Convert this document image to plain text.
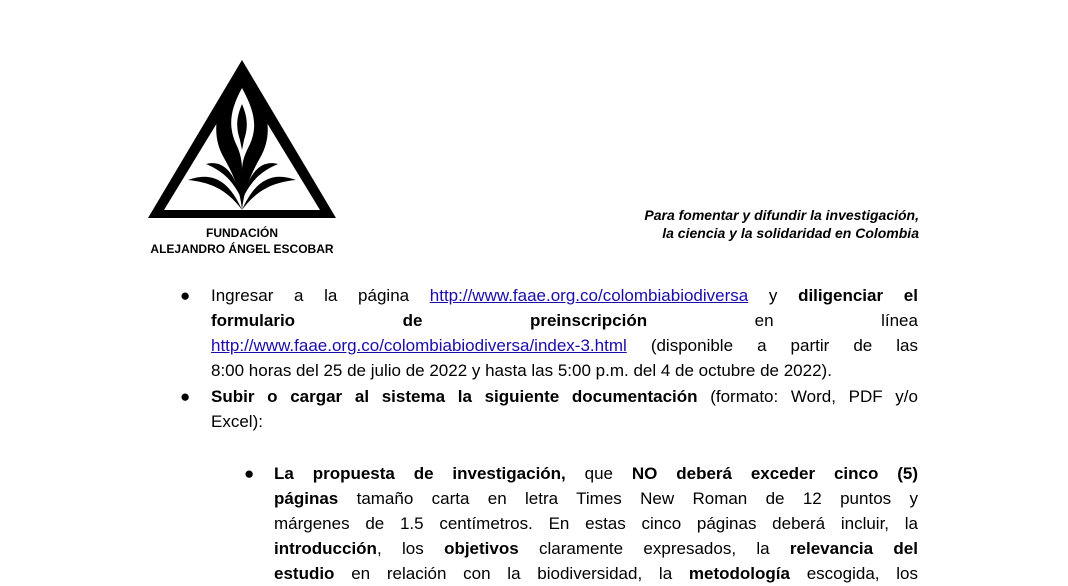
FUNDACIÓN
ALEJANDRO ÁNGEL ESCOBAR
Para fomentar y difundir la investigación,
la ciencia y la solidaridad en Colombia
● Ingresar a la página http://www.faae.org.co/colombiabiodiversa y diligenciar el
formulario	de	preinscripción	en	línea
http://www.faae.org.co/colombiabiodiversa/index-3.html (disponible a partir de las
8:00 horas del 25 de julio de 2022 y hasta las 5:00 p.m. del 4 de octubre de 2022).
● Subir o cargar al sistema la siguiente documentación (formato: Word, PDF y/o
Excel):
● La propuesta de investigación, que NO deberá exceder cinco (5)
páginas tamaño carta en letra Times New Roman de 12 puntos y
márgenes de 1.5 centímetros. En estas cinco páginas deberá incluir, la
introducción, los objetivos claramente expresados, la relevancia del
estudio en relación con la biodiversidad, la metodología escogida, los
